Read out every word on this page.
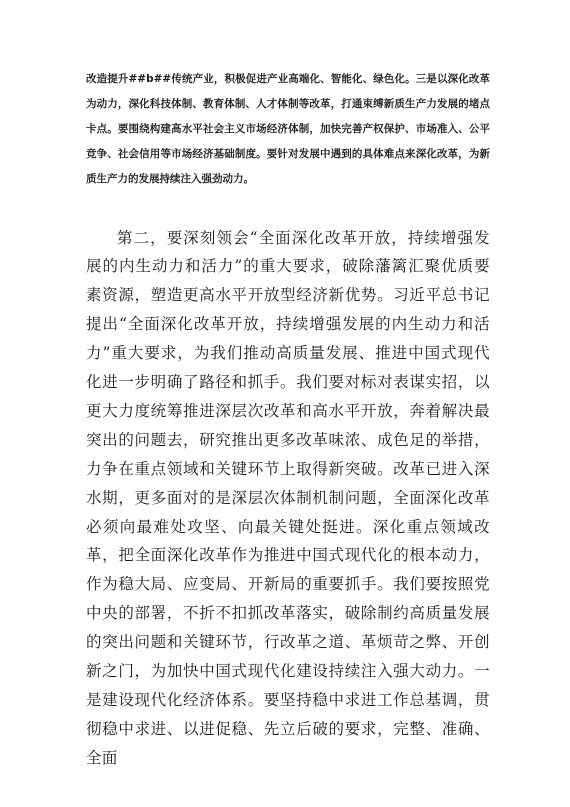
改造提升##b##传统产业，积极促进产业高端化、智能化、绿色化。三是以深化改革为动力，深化科技体制、教育体制、人才体制等改革，打通束缚新质生产力发展的堵点卡点。要围绕构建高水平社会主义市场经济体制，加快完善产权保护、市场准入、公平竞争、社会信用等市场经济基础制度。要针对发展中遇到的具体难点来深化改革，为新质生产力的发展持续注入强劲动力。

第二，要深刻领会“全面深化改革开放，持续增强发展的内生动力和活力”的重大要求，破除藩篱汇聚优质要素资源，塑造更高水平开放型经济新优势。习近平总书记提出“全面深化改革开放，持续增强发展的内生动力和活力”重大要求，为我们推动高质量发展、推进中国式现代化进一步明确了路径和抓手。我们要对标对表谋实招，以更大力度统筹推进深层次改革和高水平开放，奔着解决最突出的问题去，研究推出更多改革味浓、成色足的举措，力争在重点领域和关键环节上取得新突破。改革已进入深水期，更多面对的是深层次体制机制问题，全面深化改革必须向最难处攻坚、向最关键处挺进。深化重点领域改革，把全面深化改革作为推进中国式现代化的根本动力，作为稳大局、应变局、开新局的重要抓手。我们要按照党中央的部署，不折不扣抓改革落实，破除制约高质量发展的突出问题和关键环节，行改革之道、革烦苛之弊、开创新之门，为加快中国式现代化建设持续注入强大动力。一是建设现代化经济体系。要坚持稳中求进工作总基调，贯彻稳中求进、以进促稳、先立后破的要求，完整、准确、全面
